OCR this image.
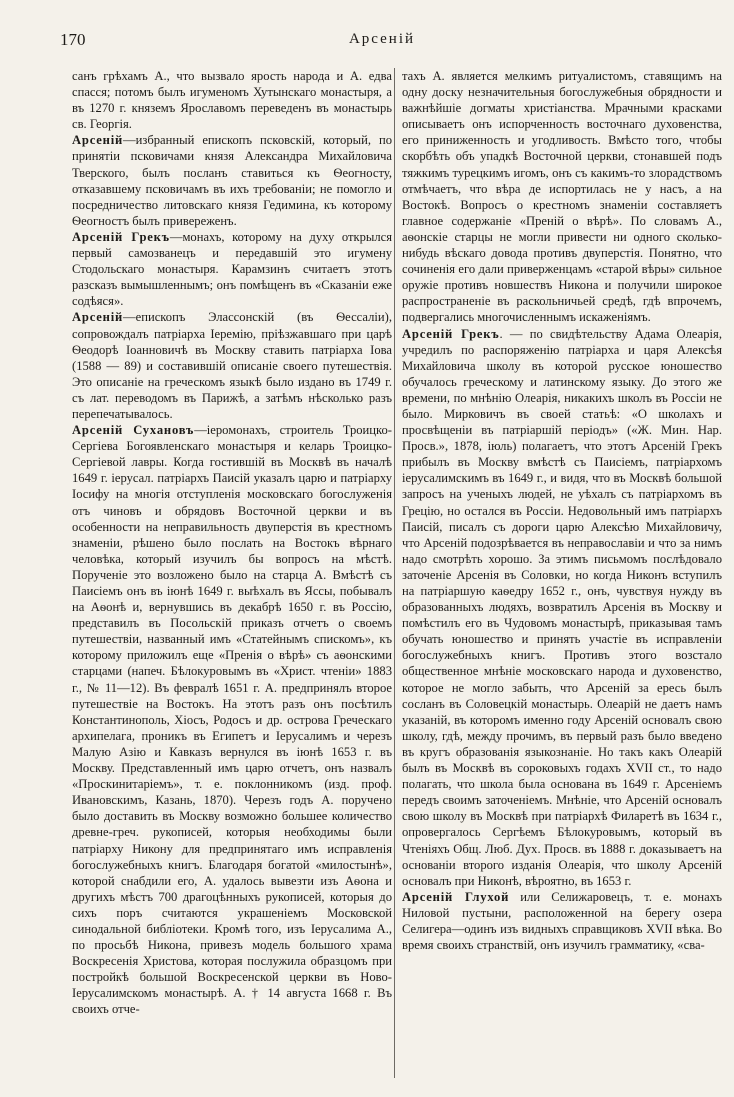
170	Арсеній

санъ грѣхамъ А., что вызвало ярость народа и А. едва спасся; потомъ былъ игуменомъ Хутынскаго монастыря, а въ 1270 г. княземъ Ярославомъ переведенъ въ монастырь св. Георгія.

Арсеній—избранный епископъ псковскій, который, по принятіи псковичами князя Александра Михайловича Тверского, былъ посланъ ставиться къ Ѳеогносту, отказавшему псковичамъ въ ихъ требованіи; не помогло и посредничество литовскаго князя Гедимина, къ которому Ѳеогностъ былъ привереженъ.

Арсеній Грекъ—монахъ, которому на духу открылся первый самозванецъ и передавшій это игумену Стодольскаго монастыря. Карамзинъ считаетъ этотъ разсказъ вымышленнымъ; онъ помѣщенъ въ «Сказаніи еже содѣяся».

Арсеній—епископъ Элассонскій (въ Ѳессаліи), сопровождалъ патріарха Іеремію, пріѣзжавшаго при царѣ Ѳеодорѣ Іоанновичѣ въ Москву ставить патріарха Іова (1588 — 89) и составившій описаніе своего путешествія. Это описаніе на греческомъ языкѣ было издано въ 1749 г. съ лат. переводомъ въ Парижѣ, а затѣмъ нѣсколько разъ перепечатывалось.

Арсеній Сухановъ—іеромонахъ, строитель Троицко-Сергіева Богоявленскаго монастыря и келарь Троицко-Сергіевой лавры. Когда гостившій въ Москвѣ въ началѣ 1649 г. іерусал. патріархъ Паисій указалъ царю и патріарху Іосифу на многія отступленія московскаго богослуженія отъ чиновъ и обрядовъ Восточной церкви и въ особенности на неправильность двуперстія въ крестномъ знаменіи, рѣшено было послать на Востокъ вѣрнаго человѣка, который изучилъ бы вопросъ на мѣстѣ. Порученіе это возложено было на старца А. Вмѣстѣ съ Паисіемъ онъ въ іюнѣ 1649 г. выѣхалъ въ Яссы, побывалъ на Аѳонѣ и, вернувшись въ декабрѣ 1650 г. въ Россію, представилъ въ Посольскій приказъ отчетъ о своемъ путешествіи, названный имъ «Статейнымъ спискомъ», къ которому приложилъ еще «Пренія о вѣрѣ» съ аѳонскими старцами (напеч. Бѣлокуровымъ въ «Христ. чтеніи» 1883 г., № 11—12). Въ февралѣ 1651 г. А. предпринялъ второе путешествіе на Востокъ. На этотъ разъ онъ посѣтилъ Константинополь, Хіосъ, Родосъ и др. острова Греческаго архипелага, проникъ въ Египетъ и Іерусалимъ и черезъ Малую Азію и Кавказъ вернулся въ іюнѣ 1653 г. въ Москву. Представленный имъ царю отчетъ, онъ назвалъ «Проскинитаріемъ», т. е. поклонникомъ (изд. проф. Ивановскимъ, Казань, 1870). Черезъ годъ А. поручено было доставить въ Москву возможно большее количество древне-греч. рукописей, которыя необходимы были патріарху Никону для предпринятаго имъ исправленія богослужебныхъ книгъ. Благодаря богатой «милостынѣ», которой снабдили его, А. удалось вывезти изъ Аѳона и другихъ мѣстъ 700 драгоцѣнныхъ рукописей, которыя до сихъ поръ считаются украшеніемъ Московской синодальной библіотеки. Кромѣ того, изъ Іерусалима А., по просьбѣ Никона, привезъ модель большого храма Воскресенія Христова, которая послужила образцомъ при постройкѣ большой Воскресенской церкви въ Ново-Іерусалимскомъ монастырѣ. А. † 14 августа 1668 г. Въ своихъ отче-

тахъ А. является мелкимъ ритуалистомъ, ставящимъ на одну доску незначительныя богослужебныя обрядности и важнѣйшіе догматы христіанства. Мрачными красками описываетъ онъ испорченность восточнаго духовенства, его приниженность и угодливость. Вмѣсто того, чтобы скорбѣть объ упадкѣ Восточной церкви, стонавшей подъ тяжкимъ турецкимъ игомъ, онъ съ какимъ-то злорадствомъ отмѣчаетъ, что вѣра де испортилась не у насъ, а на Востокѣ. Вопросъ о крестномъ знаменіи составляетъ главное содержаніе «Преній о вѣрѣ». По словамъ А., аѳонскіе старцы не могли привести ни одного сколько-нибудь вѣскаго довода противъ двуперстія. Понятно, что сочиненія его дали приверженцамъ «старой вѣры» сильное оружіе противъ новшествъ Никона и получили широкое распространеніе въ раскольничьей средѣ, гдѣ впрочемъ, подвергались многочисленнымъ искаженіямъ.

Арсеній Грекъ. — по свидѣтельству Адама Олеарія, учредилъ по распоряженію патріарха и царя Алексѣя Михайловича школу въ которой русское юношество обучалось греческому и латинскому языку. До этого же времени, по мнѣнію Олеарія, никакихъ школъ въ Россіи не было. Мирковичъ въ своей статьѣ: «О школахъ и просвѣщеніи въ патріаршій періодъ» («Ж. Мин. Нар. Просв.», 1878, іюль) полагаетъ, что этотъ Арсеній Грекъ прибылъ въ Москву вмѣстѣ съ Паисіемъ, патріархомъ іерусалимскимъ въ 1649 г., и видя, что въ Москвѣ большой запросъ на ученыхъ людей, не уѣхалъ съ патріархомъ въ Грецію, но остался въ Россіи. Недовольный имъ патріархъ Паисій, писалъ съ дороги царю Алексѣю Михайловичу, что Арсеній подозрѣвается въ неправославіи и что за нимъ надо смотрѣть хорошо. За этимъ письмомъ послѣдовало заточеніе Арсенія въ Соловки, но когда Никонъ вступилъ на патріаршую каѳедру 1652 г., онъ, чувствуя нужду въ образованныхъ людяхъ, возвратилъ Арсенія въ Москву и помѣстилъ его въ Чудовомъ монастырѣ, приказывая тамъ обучать юношество и принять участіе въ исправленіи богослужебныхъ книгъ. Противъ этого возстало общественное мнѣніе московскаго народа и духовенство, которое не могло забыть, что Арсеній за ересь былъ сосланъ въ Соловецкій монастырь. Олеарій не даетъ намъ указаній, въ которомъ именно году Арсеній основалъ свою школу, гдѣ, между прочимъ, въ первый разъ было введено въ кругъ образованія языкознаніе. Но такъ какъ Олеарій былъ въ Москвѣ въ сороковыхъ годахъ XVII ст., то надо полагать, что школа была основана въ 1649 г. Арсеніемъ передъ своимъ заточеніемъ. Мнѣніе, что Арсеній основалъ свою школу въ Москвѣ при патріархѣ Филаретѣ въ 1634 г., опровергалось Сергѣемъ Бѣлокуровымъ, который въ Чтеніяхъ Общ. Люб. Дух. Просв. въ 1888 г. доказываетъ на основаніи второго изданія Олеарія, что школу Арсеній основалъ при Никонѣ, вѣроятно, въ 1653 г.

Арсеній Глухой или Селижаровецъ, т. е. монахъ Ниловой пустыни, расположенной на берегу озера Селигера—одинъ изъ видныхъ справщиковъ XVII вѣка. Во время своихъ странствій, онъ изучилъ грамматику, «сва-
